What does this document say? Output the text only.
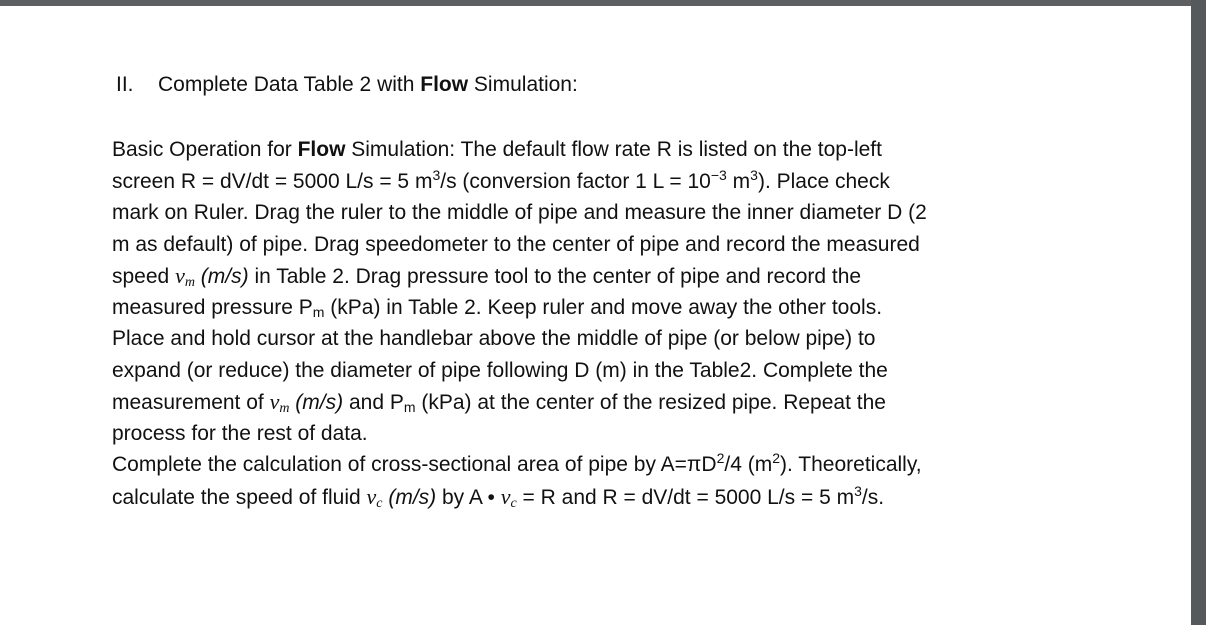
II. Complete Data Table 2 with Flow Simulation:
Basic Operation for Flow Simulation: The default flow rate R is listed on the top-left
screen R = dV/dt = 5000 L/s = 5 $m^3/s$ (conversion factor 1 $L = 10^{-3}$ $m^3$). Place check
mark on Ruler. Drag the ruler to the middle of pipe and measure the inner diameter D (2
m as default) of pipe. Drag speedometer to the center of pipe and record the measured
speed $v_m$ (m/s) in Table 2. Drag pressure tool to the center of pipe and record the
measured pressure $P_m$ (kPa) in Table 2. Keep ruler and move away the other tools.
Place and hold cursor at the handlebar above the middle of pipe (or below pipe) to
expand (or reduce) the diameter of pipe following D (m) in the Table2. Complete the
measurement of $v_m$ (m/s) and $P_m$ (kPa) at the center of the resized pipe. Repeat the
process for the rest of data.
Complete the calculation of cross-sectional area of pipe by $A=\pi D^2/4$ $(m^2)$. Theoretically,
calculate the speed of fluid $v_c$ (m/s) by A • $v_c = R$ and R = dV/dt = 5000 L/s = 5 $m^3/s$.
